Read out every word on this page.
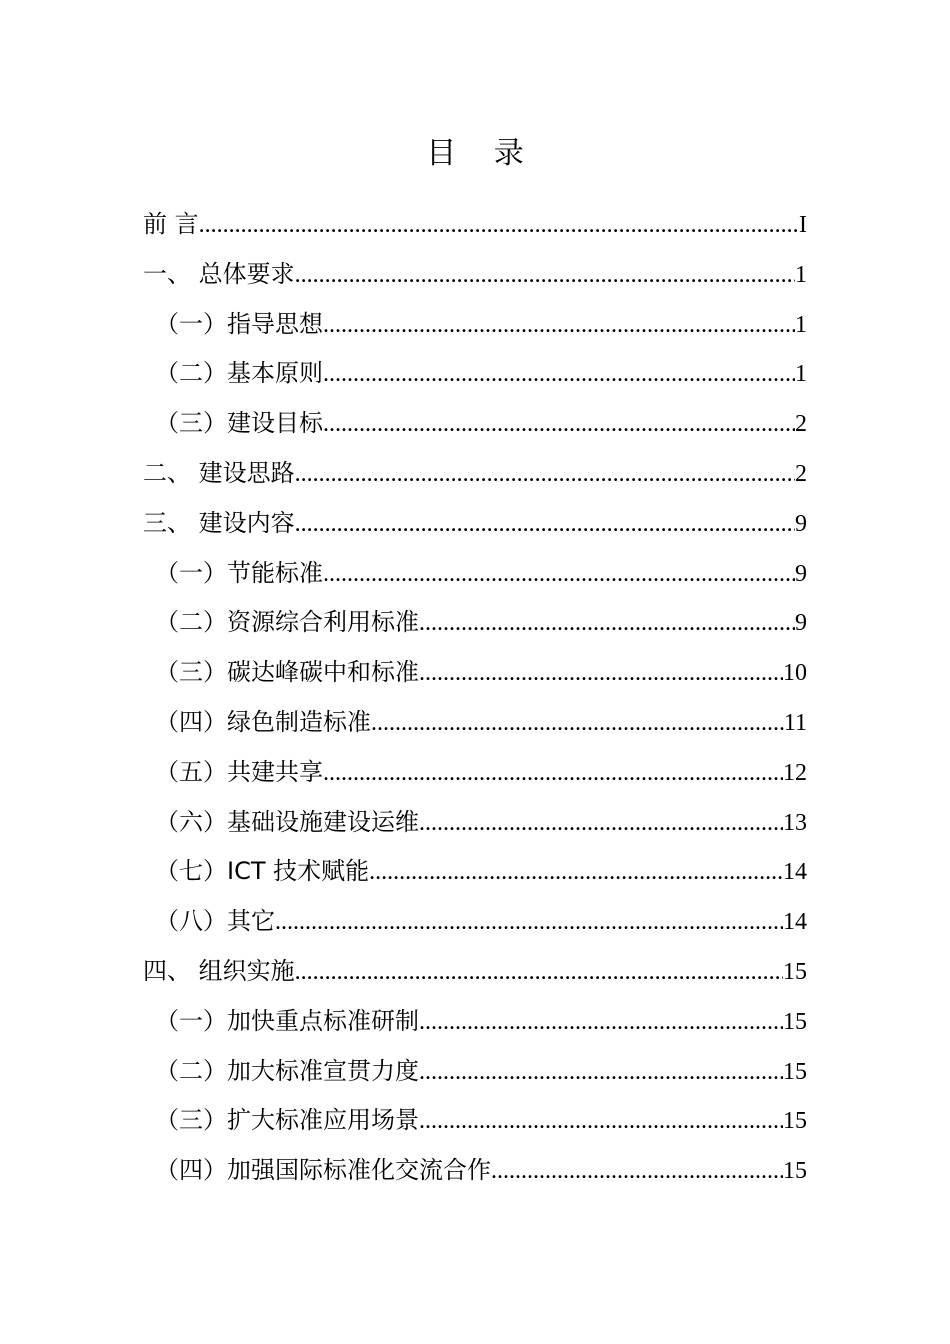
目 录
前 言 .....	I
一、 总体要求 .....	1
（一）指导思想 .....	1
（二）基本原则 .....	1
（三）建设目标 .....	2
二、 建设思路 .....	2
三、 建设内容 .....	9
（一）节能标准 .....	9
（二）资源综合利用标准 .....	9
（三）碳达峰碳中和标准 .....	10
（四）绿色制造标准 .....	11
（五）共建共享 .....	12
（六）基础设施建设运维 .....	13
（七）ICT 技术赋能 .....	14
（八）其它 .....	14
四、 组织实施 .....	15
（一）加快重点标准研制 .....	15
（二）加大标准宣贯力度 .....	15
（三）扩大标准应用场景 .....	15
（四）加强国际标准化交流合作 .....	15
